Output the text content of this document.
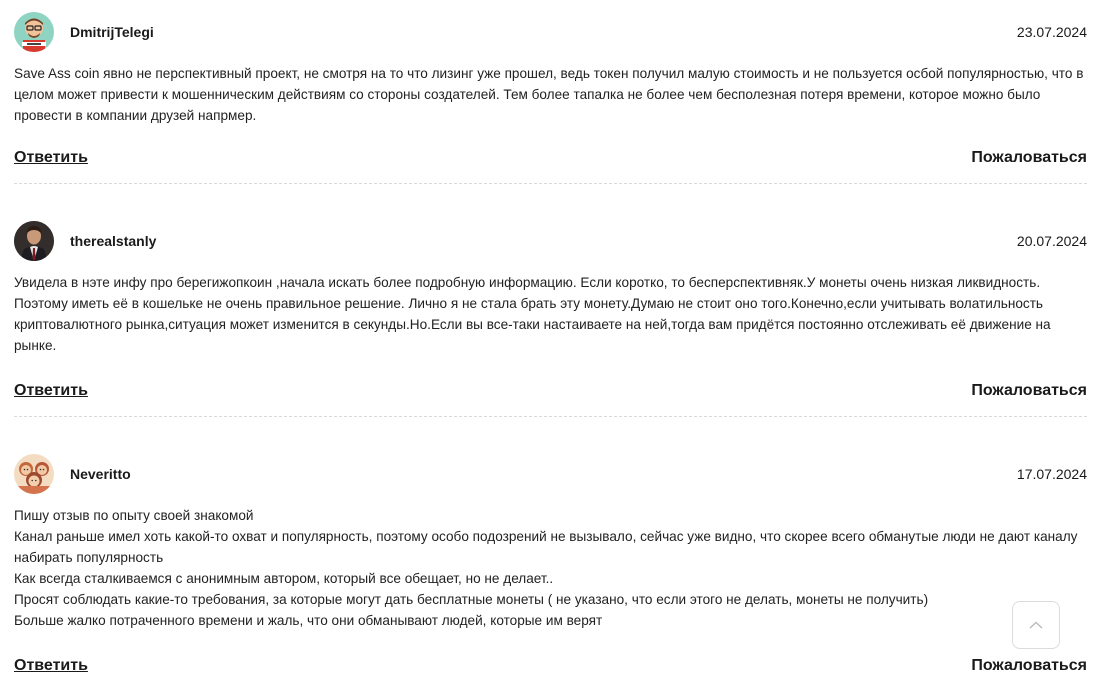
DmitrijTelegi	23.07.2024

Save Ass coin явно не перспективный проект, не смотря на то что лизинг уже прошел, ведь токен получил малую стоимость и не пользуется осбой популярностью, что в целом может привести к мошенническим действиям со стороны создателей. Тем более тапалка не более чем бесполезная потеря времени, которое можно было провести в компании друзей напрмер.

Ответить	Пожаловаться
therealstanly	20.07.2024

Увидела в нэте инфу про берегижопкоин ,начала искать более подробную информацию. Если коротко, то бесперспективняк.У монеты очень низкая ликвидность. Поэтому иметь её в кошельке не очень правильное решение. Лично я не стала брать эту монету.Думаю не стоит оно того.Конечно,если учитывать волатильность криптовалютного рынка,ситуация может изменится в секунды.Но.Если вы все-таки настаиваете на ней,тогда вам придётся постоянно отслеживать её движение на рынке.

Ответить	Пожаловаться
Neveritto	17.07.2024

Пишу отзыв по опыту своей знакомой

Канал раньше имел хоть какой-то охват и популярность, поэтому особо подозрений не вызывало, сейчас уже видно, что скорее всего обманутые люди не дают каналу набирать популярность

Как всегда сталкиваемся с анонимным автором, который все обещает, но не делает..

Просят соблюдать какие-то требования, за которые могут дать бесплатные монеты ( не указано, что если этого не делать, монеты не получить)

Больше жалко потраченного времени и жаль, что они обманывают людей, которые им верят

Ответить	Пожаловаться
